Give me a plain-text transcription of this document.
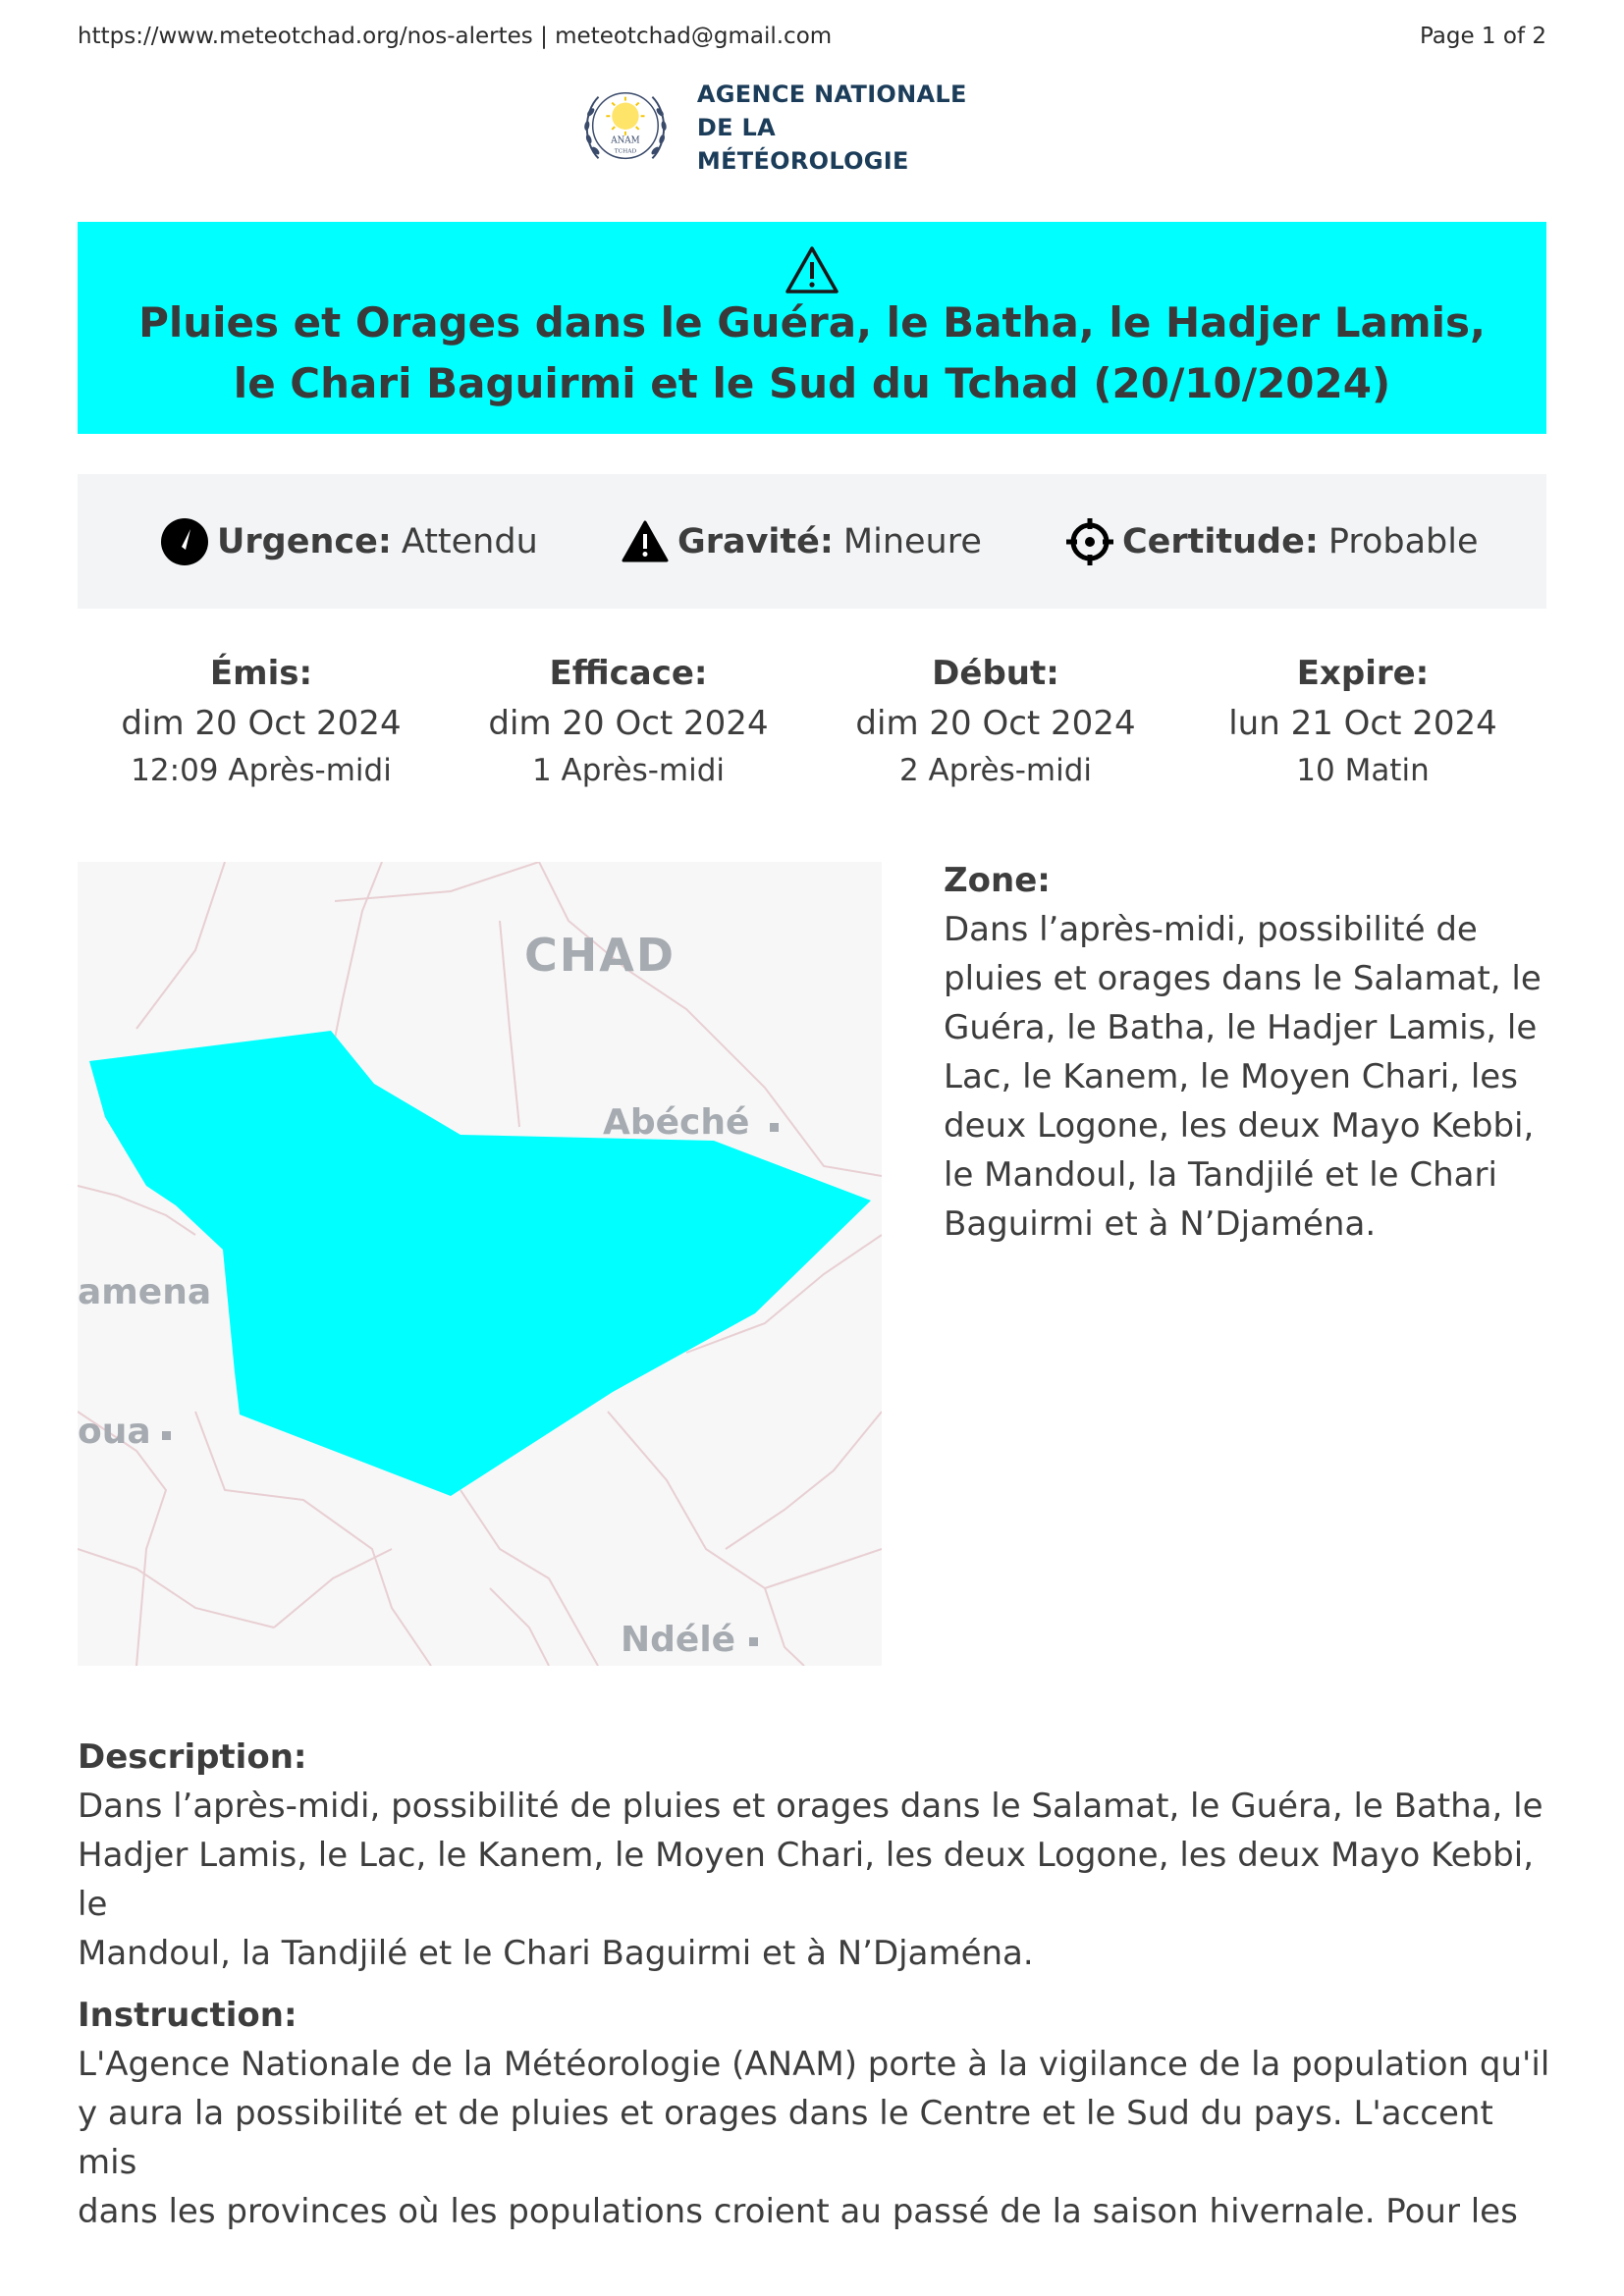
https://www.meteotchad.org/nos-alertes | meteotchad@gmail.com	Page 1 of 2
ANAM
TCHAD
AGENCE NATIONALE
DE LA MÉTÉOROLOGIE
Pluies et Orages dans le Guéra, le Batha, le Hadjer Lamis,
le Chari Baguirmi et le Sud du Tchad (20/10/2024)
Urgence: Attendu	Gravité: Mineure	Certitude: Probable
Émis:
dim 20 Oct 2024
12:09 Après-midi
Efficace:
dim 20 Oct 2024
1 Après-midi
Début:
dim 20 Oct 2024
2 Après-midi
Expire:
lun 21 Oct 2024
10 Matin
CHAD
Abéché
amena
oua
Ndélé
Zone:
Dans l’après-midi, possibilité de
pluies et orages dans le Salamat, le
Guéra, le Batha, le Hadjer Lamis, le
Lac, le Kanem, le Moyen Chari, les
deux Logone, les deux Mayo Kebbi,
le Mandoul, la Tandjilé et le Chari
Baguirmi et à N’Djaména.
Description:
Dans l’après-midi, possibilité de pluies et orages dans le Salamat, le Guéra, le Batha, le
Hadjer Lamis, le Lac, le Kanem, le Moyen Chari, les deux Logone, les deux Mayo Kebbi, le
Mandoul, la Tandjilé et le Chari Baguirmi et à N’Djaména.
Instruction:
L'Agence Nationale de la Météorologie (ANAM) porte à la vigilance de la population qu'il
y aura la possibilité et de pluies et orages dans le Centre et le Sud du pays. L'accent mis
dans les provinces où les populations croient au passé de la saison hivernale. Pour les
